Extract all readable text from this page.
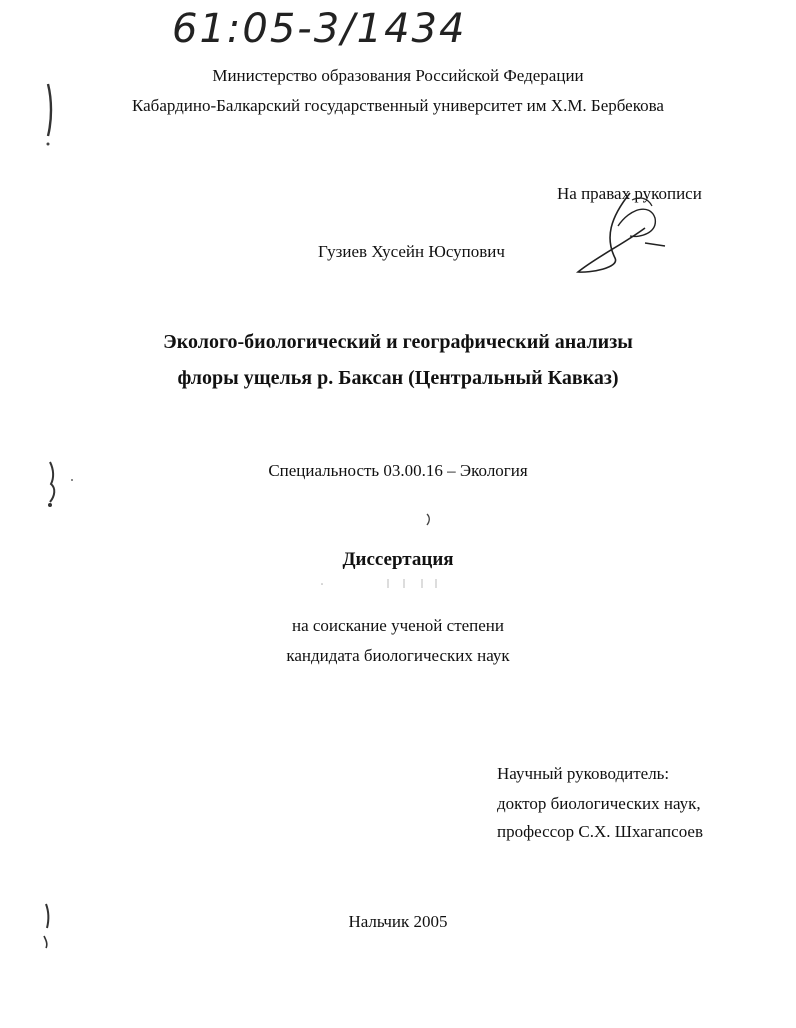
61:05-3/1434
Министерство образования Российской Федерации
Кабардино-Балкарский государственный университет им Х.М. Бербекова
На правах рукописи
Гузиев Хусейн Юсупович
Эколого-биологический и географический анализы
флоры ущелья р. Баксан (Центральный Кавказ)
Специальность 03.00.16 – Экология
Диссертация
на соискание ученой степени
кандидата биологических наук
Научный руководитель:
доктор биологических наук,
профессор С.Х. Шхагапсоев
Нальчик 2005
